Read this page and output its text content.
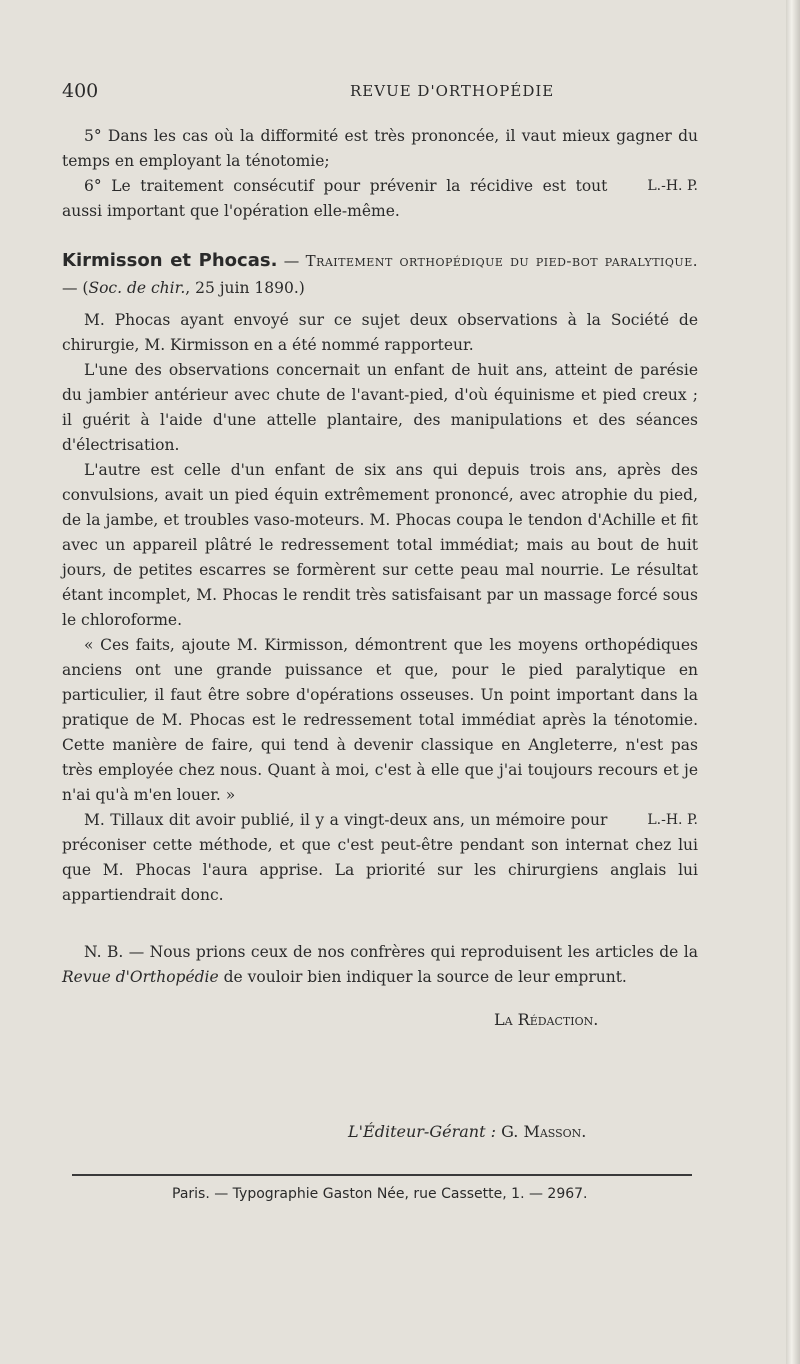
400	REVUE D'ORTHOPÉDIE

5° Dans les cas où la difformité est très prononcée, il vaut mieux gagner du temps en employant la ténotomie;

L.-H. P.
6° Le traitement consécutif pour prévenir la récidive est tout aussi important que l'opération elle-même.

Kirmisson et Phocas. — Traitement orthopédique du pied-bot paralytique. — (Soc. de chir., 25 juin 1890.)

M. Phocas ayant envoyé sur ce sujet deux observations à la Société de chirurgie, M. Kirmisson en a été nommé rapporteur.

L'une des observations concernait un enfant de huit ans, atteint de parésie du jambier antérieur avec chute de l'avant-pied, d'où équinisme et pied creux ; il guérit à l'aide d'une attelle plantaire, des manipulations et des séances d'électrisation.

L'autre est celle d'un enfant de six ans qui depuis trois ans, après des convulsions, avait un pied équin extrêmement prononcé, avec atrophie du pied, de la jambe, et troubles vaso-moteurs. M. Phocas coupa le tendon d'Achille et fit avec un appareil plâtré le redressement total immédiat; mais au bout de huit jours, de petites escarres se formèrent sur cette peau mal nourrie. Le résultat étant incomplet, M. Phocas le rendit très satisfaisant par un massage forcé sous le chloroforme.

« Ces faits, ajoute M. Kirmisson, démontrent que les moyens orthopédiques anciens ont une grande puissance et que, pour le pied paralytique en particulier, il faut être sobre d'opérations osseuses. Un point important dans la pratique de M. Phocas est le redressement total immédiat après la ténotomie. Cette manière de faire, qui tend à devenir classique en Angleterre, n'est pas très employée chez nous. Quant à moi, c'est à elle que j'ai toujours recours et je n'ai qu'à m'en louer. »

L.-H. P.
M. Tillaux dit avoir publié, il y a vingt-deux ans, un mémoire pour préconiser cette méthode, et que c'est peut-être pendant son internat chez lui que M. Phocas l'aura apprise. La priorité sur les chirurgiens anglais lui appartiendrait donc.

N. B. — Nous prions ceux de nos confrères qui reproduisent les articles de la Revue d'Orthopédie de vouloir bien indiquer la source de leur emprunt.

La Rédaction.
L'Éditeur-Gérant : G. Masson.
Paris. — Typographie Gaston Née, rue Cassette, 1. — 2967.
